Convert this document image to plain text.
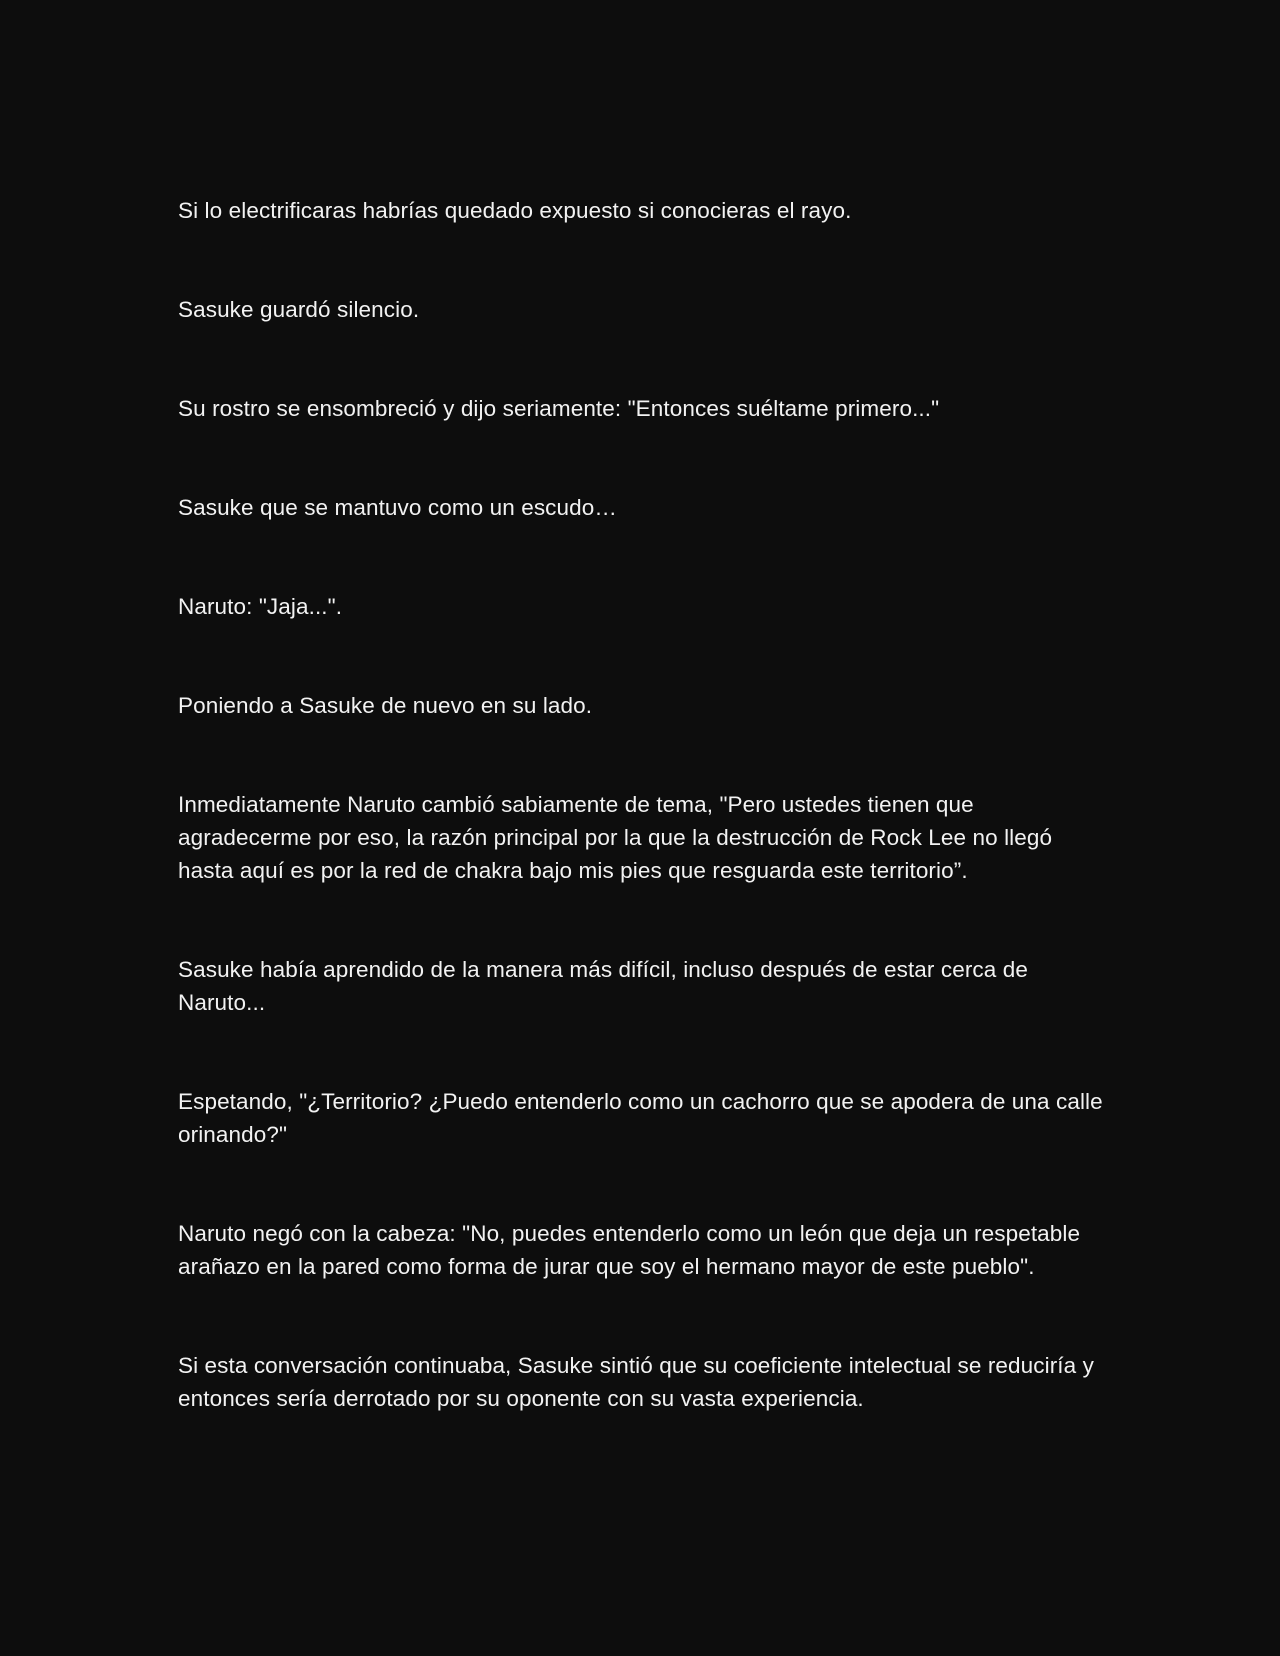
Si lo electrificaras habrías quedado expuesto si conocieras el rayo.

Sasuke guardó silencio.

Su rostro se ensombreció y dijo seriamente: "Entonces suéltame primero..."

Sasuke que se mantuvo como un escudo…

Naruto: "Jaja...".

Poniendo a Sasuke de nuevo en su lado.

Inmediatamente Naruto cambió sabiamente de tema, "Pero ustedes tienen que agradecerme por eso, la razón principal por la que la destrucción de Rock Lee no llegó hasta aquí es por la red de chakra bajo mis pies que resguarda este territorio”.

Sasuke había aprendido de la manera más difícil, incluso después de estar cerca de Naruto...

Espetando, "¿Territorio? ¿Puedo entenderlo como un cachorro que se apodera de una calle orinando?"

Naruto negó con la cabeza: "No, puedes entenderlo como un león que deja un respetable arañazo en la pared como forma de jurar que soy el hermano mayor de este pueblo".

Si esta conversación continuaba, Sasuke sintió que su coeficiente intelectual se reduciría y entonces sería derrotado por su oponente con su vasta experiencia.
